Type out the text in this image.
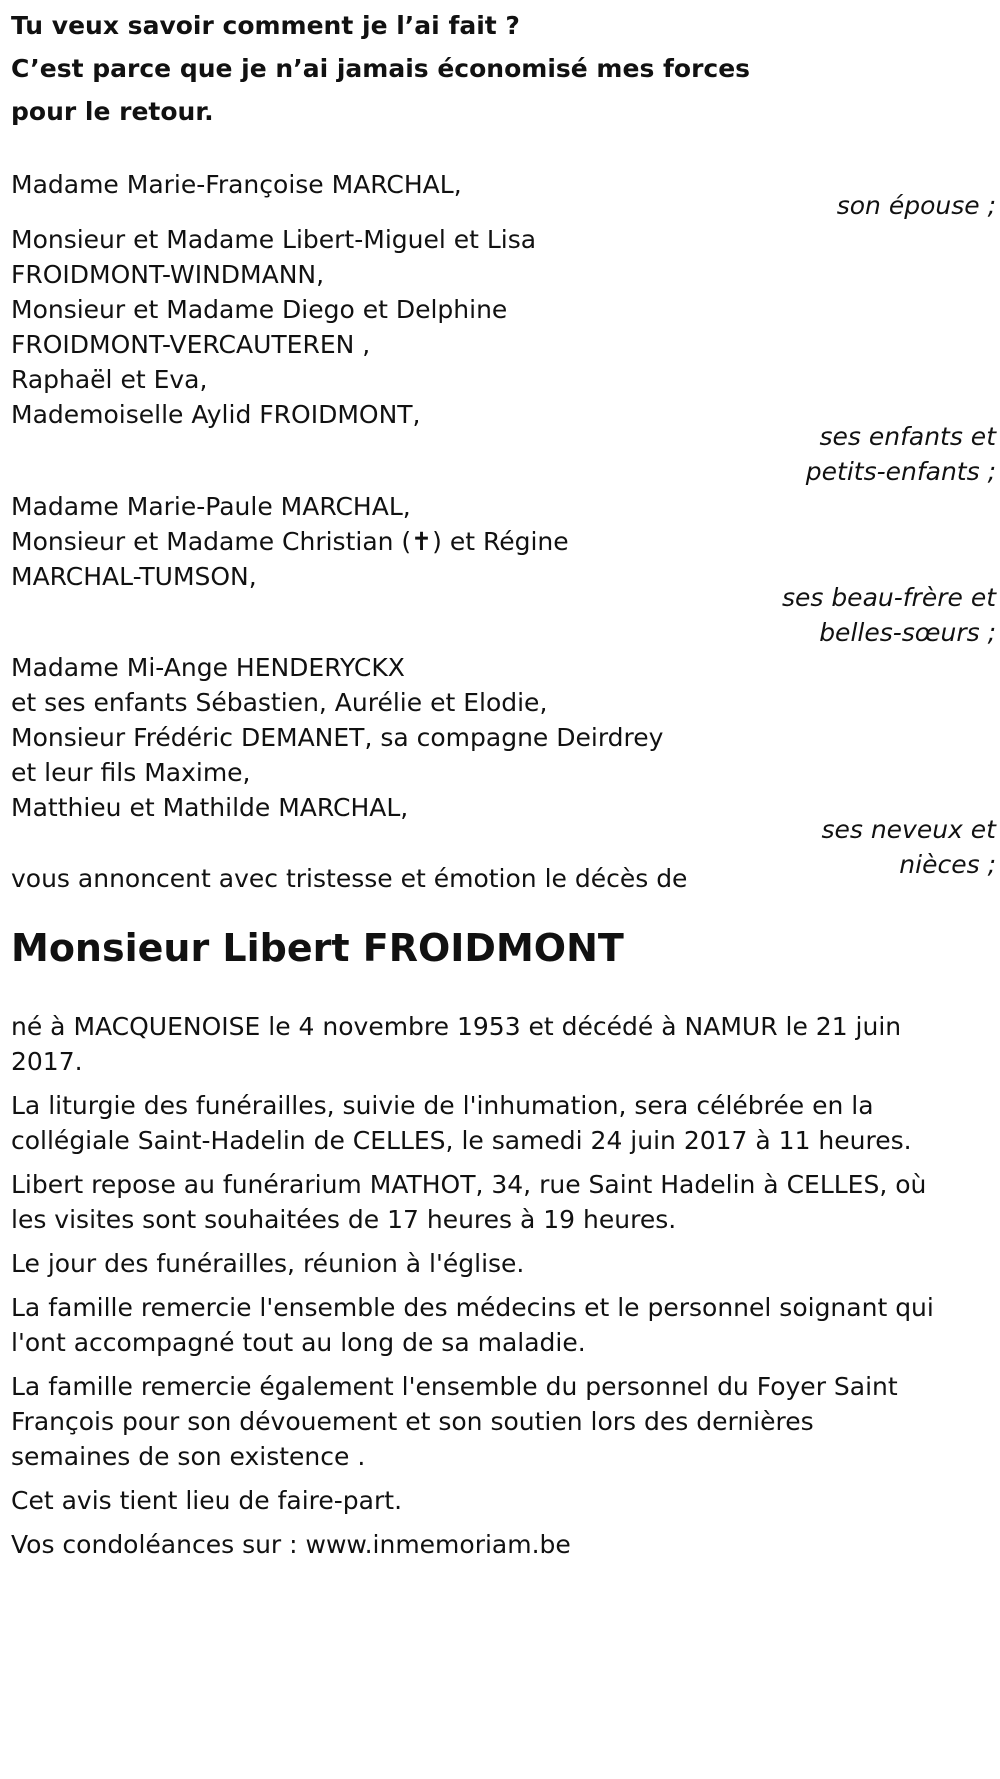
Tu veux savoir comment je l’ai fait ?
C’est parce que je n’ai jamais économisé mes forces
pour le retour.
Madame Marie-Françoise MARCHAL,
son épouse ;
Monsieur et Madame Libert-Miguel et Lisa
FROIDMONT-WINDMANN,
Monsieur et Madame Diego et Delphine
FROIDMONT-VERCAUTEREN ,
Raphaël et Eva,
Mademoiselle Aylid FROIDMONT,
ses enfants et
petits-enfants ;
Madame Marie-Paule MARCHAL,
Monsieur et Madame Christian (✝) et Régine
MARCHAL-TUMSON,
ses beau-frère et
belles-sœurs ;
Madame Mi-Ange HENDERYCKX
et ses enfants Sébastien, Aurélie et Elodie,
Monsieur Frédéric DEMANET, sa compagne Deirdrey
et leur fils Maxime,
Matthieu et Mathilde MARCHAL,
ses neveux et
nièces ;
vous annoncent avec tristesse et émotion le décès de
Monsieur Libert FROIDMONT
né à MACQUENOISE le 4 novembre 1953 et décédé à NAMUR le 21 juin
2017.
La liturgie des funérailles, suivie de l'inhumation, sera célébrée en la
collégiale Saint-Hadelin de CELLES, le samedi 24 juin 2017 à 11 heures.
Libert repose au funérarium MATHOT, 34, rue Saint Hadelin à CELLES, où
les visites sont souhaitées de 17 heures à 19 heures.
Le jour des funérailles, réunion à l'église.
La famille remercie l'ensemble des médecins et le personnel soignant qui
l'ont accompagné tout au long de sa maladie.
La famille remercie également l'ensemble du personnel du Foyer Saint
François pour son dévouement et son soutien lors des dernières
semaines de son existence .
Cet avis tient lieu de faire-part.
Vos condoléances sur : www.inmemoriam.be
